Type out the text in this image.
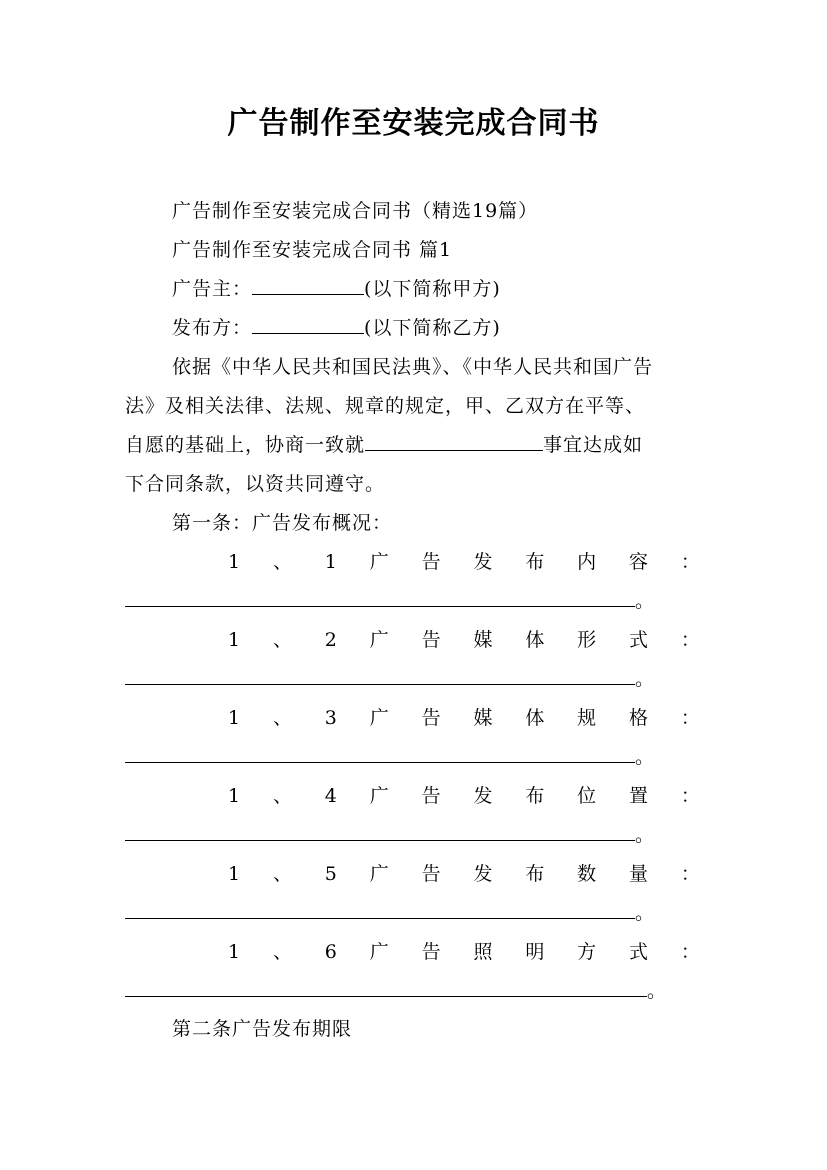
广告制作至安装完成合同书
广告制作至安装完成合同书（精选19篇）
广告制作至安装完成合同书 篇1
广告主：	(以下简称甲方)
发布方：	(以下简称乙方)
依据《中华人民共和国民法典》、《中华人民共和国广告
法》及相关法律、法规、规章的规定，甲、乙双方在平等、
自愿的基础上，协商一致就	事宜达成如
下合同条款，以资共同遵守。
第一条：广告发布概况：
1 、 1 广 告 发 布 内 容 ：
。
1 、 2 广 告 媒 体 形 式 ：
。
1 、 3 广 告 媒 体 规 格 ：
。
1 、 4 广 告 发 布 位 置 ：
。
1 、 5 广 告 发 布 数 量 ：
。
1 、 6 广 告 照 明 方 式 ：
。
第二条广告发布期限
